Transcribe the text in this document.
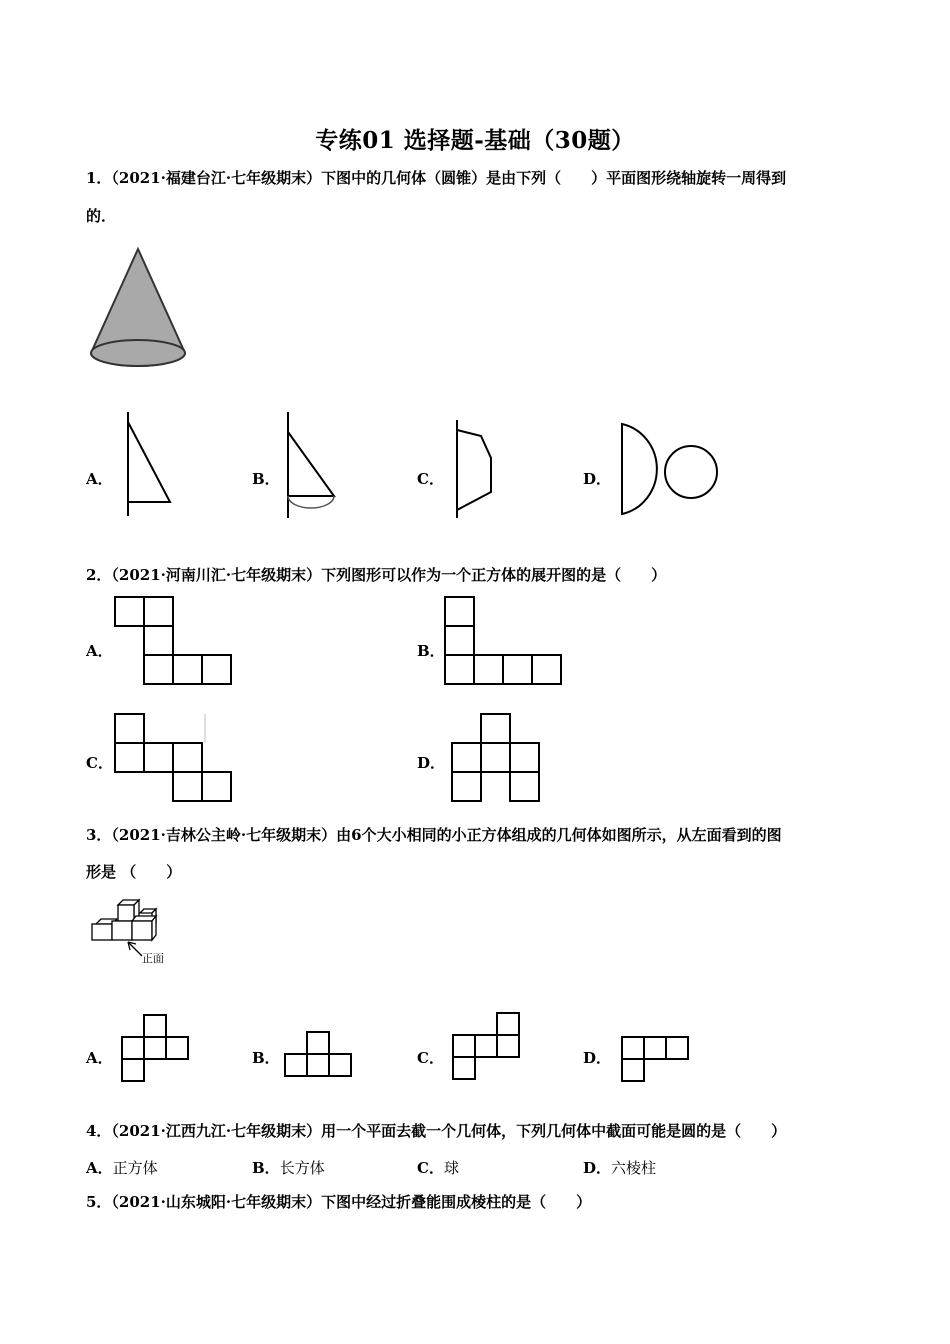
专练01 选择题-基础（30题）
1．（2021·福建台江·七年级期末）下图中的几何体（圆锥）是由下列（　　）平面图形绕轴旋转一周得到
的．
A．	B．	C．	D．
2．（2021·河南川汇·七年级期末）下列图形可以作为一个正方体的展开图的是（　　）
A．	B．
C．	D．
3．（2021·吉林公主岭·七年级期末）由6个大小相同的小正方体组成的几何体如图所示，从左面看到的图
形是 （　　）
正面
A．	B．	C．	D．
4．（2021·江西九江·七年级期末）用一个平面去截一个几何体，下列几何体中截面可能是圆的是（　　）
A．正方体	B．长方体	C．球	D．六棱柱
5．（2021·山东城阳·七年级期末）下图中经过折叠能围成棱柱的是（　　）
